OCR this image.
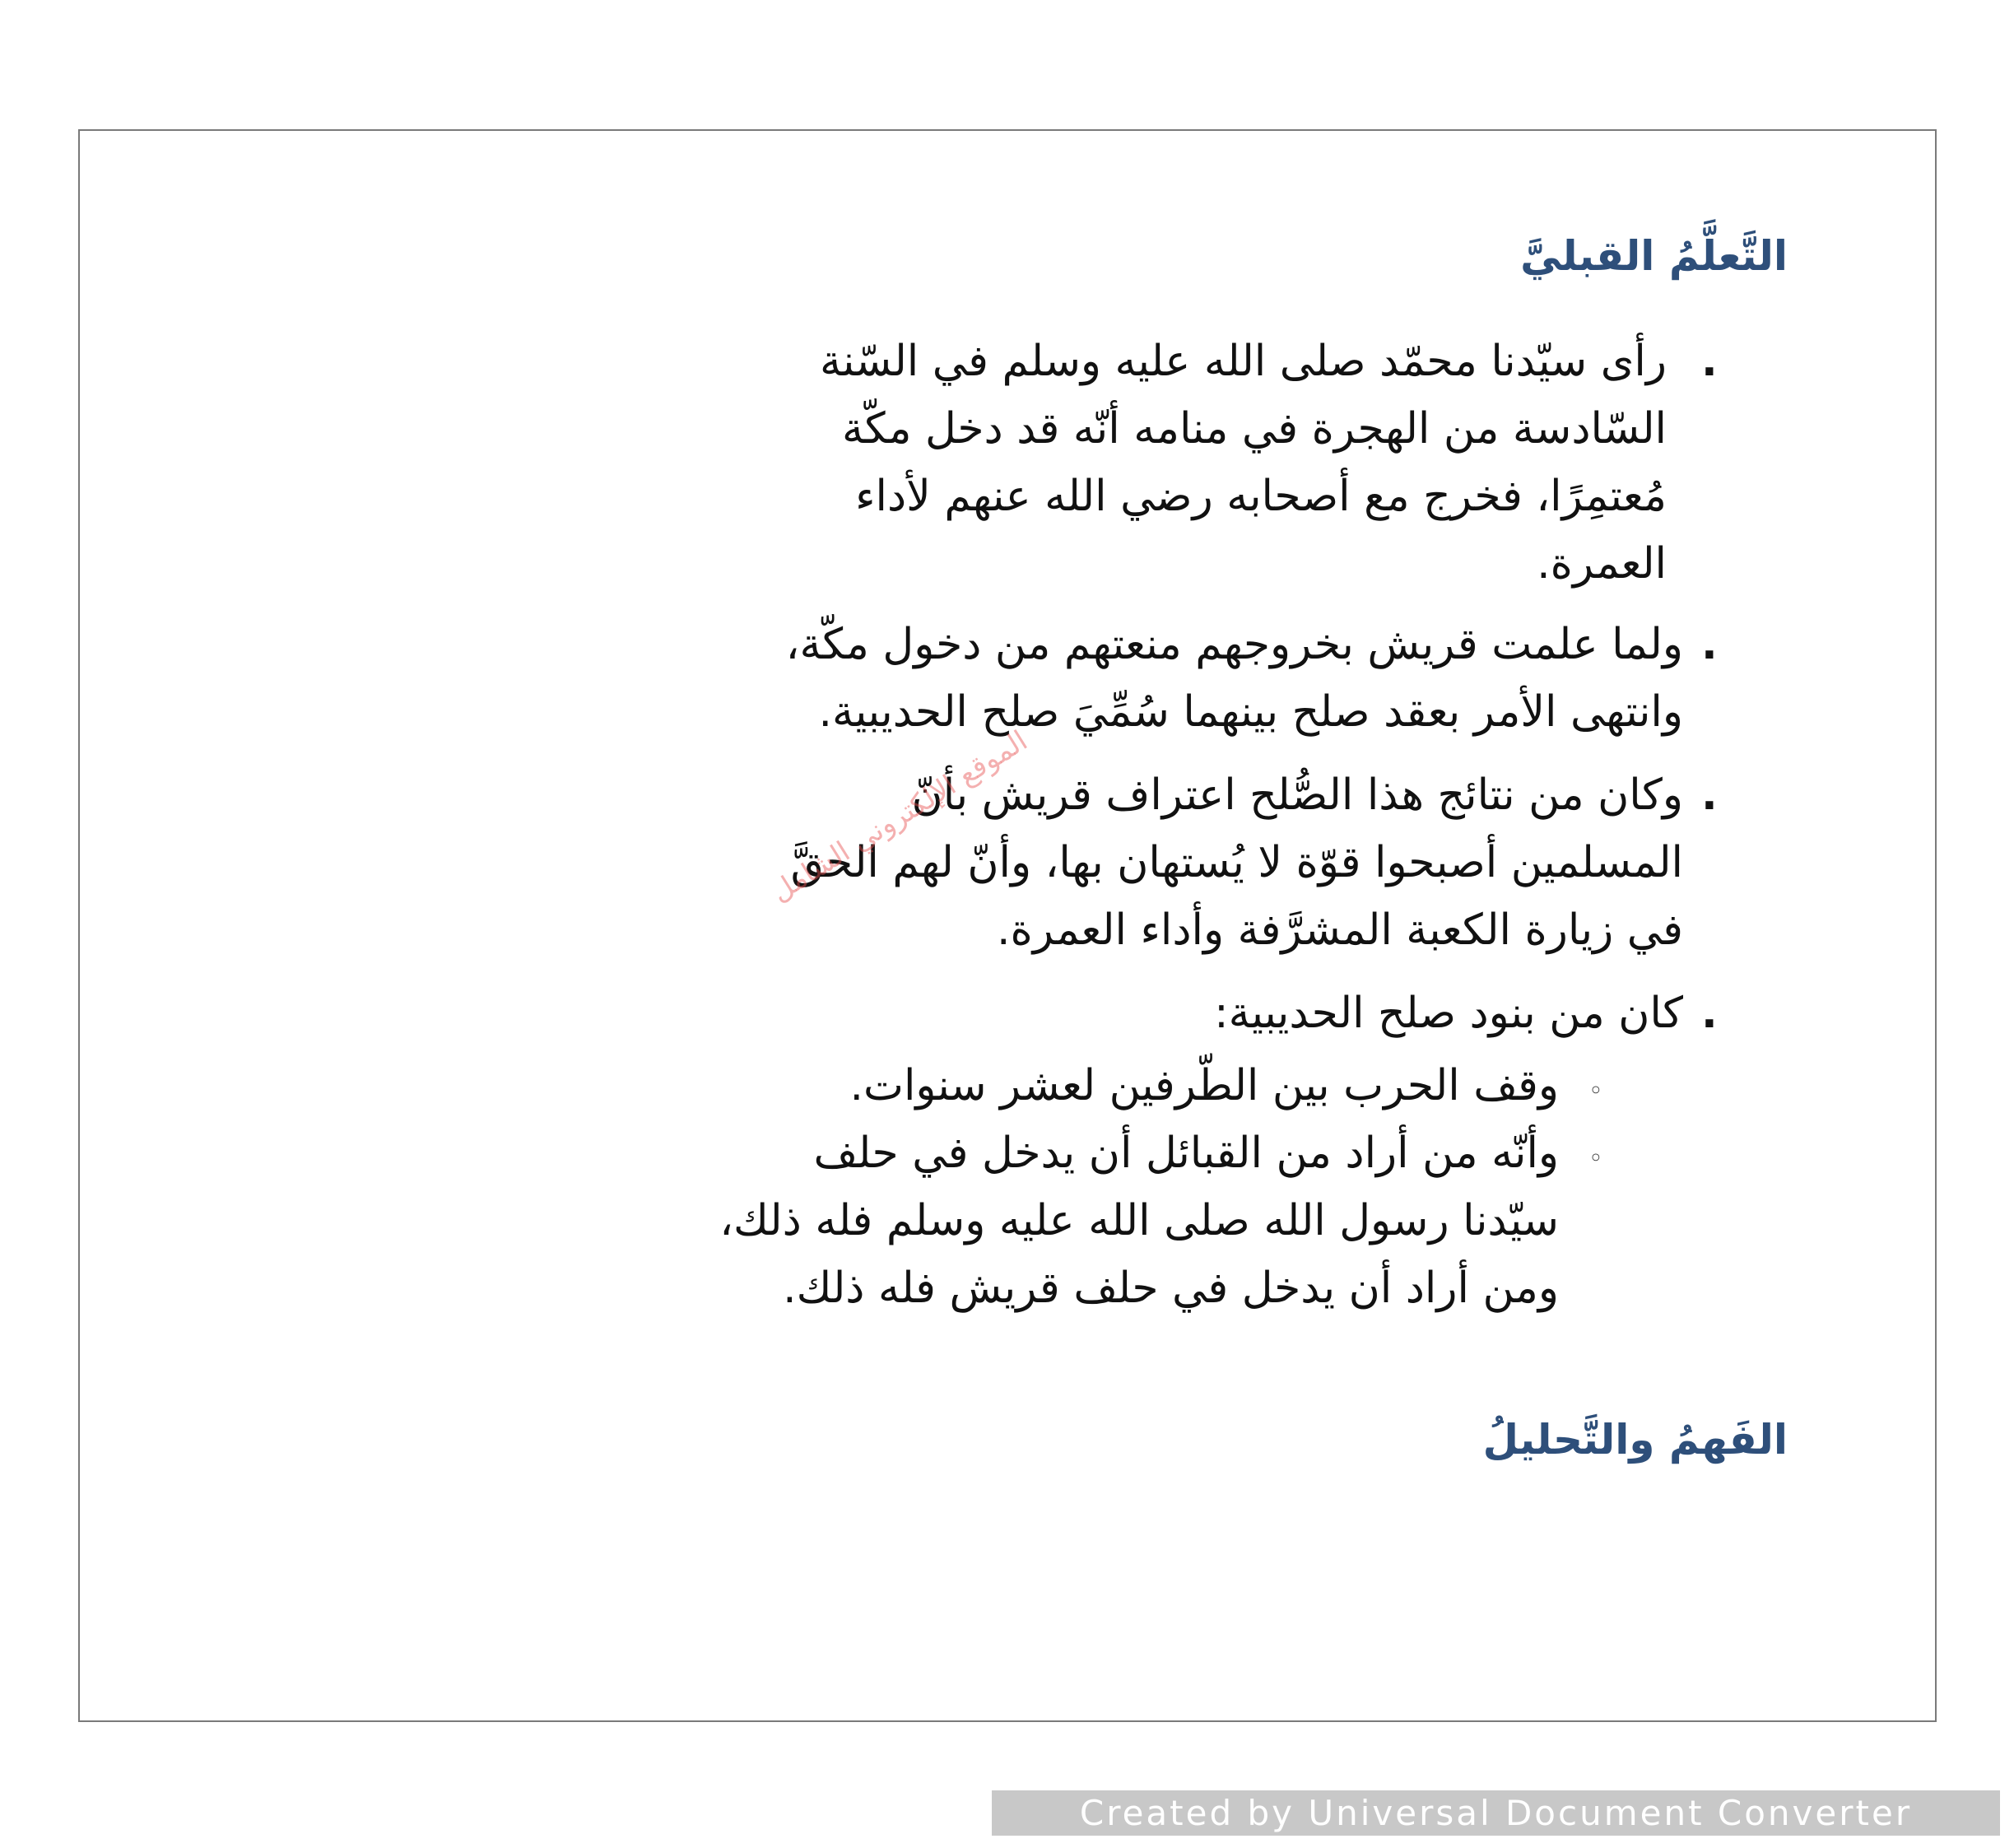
التَّعلَّمُ القبليَّ
.
رأى سيّدنا محمّد صلى الله عليه وسلم في السّنة
السّادسة من الهجرة في منامه أنّه قد دخل مكّة
مُعتمِرًا، فخرج مع أصحابه رضي الله عنهم لأداء
العمرة.
.
ولما علمت قريش بخروجهم منعتهم من دخول مكّة،
وانتهى الأمر بعقد صلح بينهما سُمِّيَ صلح الحديبية.
.
وكان من نتائج هذا الصُّلح اعتراف قريش بأنّ
المسلمين أصبحوا قوّة لا يُستهان بها، وأنّ لهم الحقَّ
في زيارة الكعبة المشرَّفة وأداء العمرة.
الموقع الإلكتروني الشامل
.
كان من بنود صلح الحديبية:
◦
وقف الحرب بين الطّرفين لعشر سنوات.
◦
وأنّه من أراد من القبائل أن يدخل في حلف
سيّدنا رسول الله صلى الله عليه وسلم فله ذلك،
ومن أراد أن يدخل في حلف قريش فله ذلك.
الفَهمُ والتَّحليلُ
Created by Universal Document Converter
